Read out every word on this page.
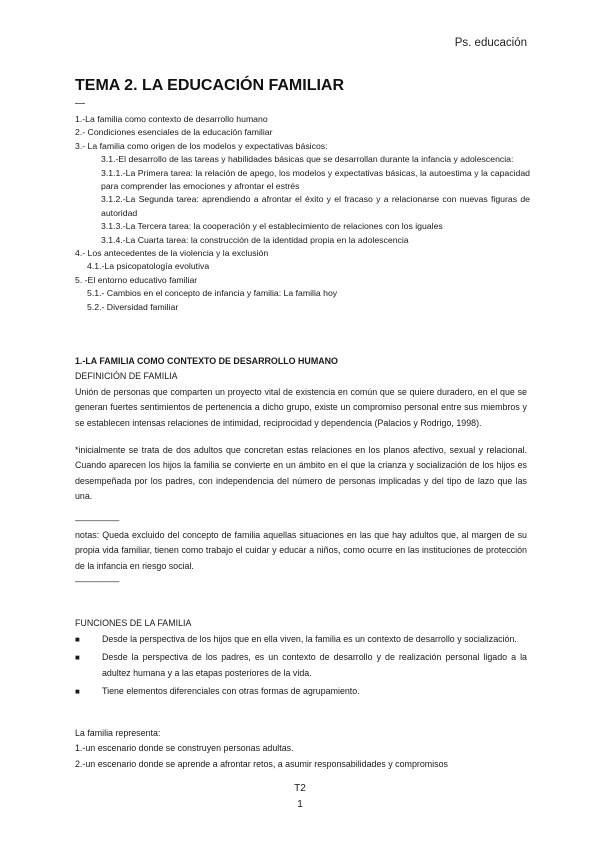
Ps. educación
TEMA 2. LA EDUCACIÓN FAMILIAR
—
1.-La familia como contexto de desarrollo humano
2.- Condiciones esenciales de la educación familiar
3.- La familia como origen de los modelos y expectativas básicos:
3.1.-El desarrollo de las tareas y habilidades básicas que se desarrollan durante la infancia y adolescencia:
3.1.1.-La Primera tarea: la relación de apego, los modelos y expectativas básicas, la autoestima y la capacidad para comprender las emociones y afrontar el estrés
3.1.2.-La Segunda tarea: aprendiendo a afrontar el éxito y el fracaso y a relacionarse con nuevas figuras de autoridad
3.1.3.-La Tercera tarea: la cooperación y el establecimiento de relaciones con los iguales
3.1.4.-La Cuarta tarea: la construcción de la identidad propia en la adolescencia
4.- Los antecedentes de la violencia y la exclusión
4.1.-La psicopatología evolutiva
5. -El entorno educativo familiar
5.1.- Cambios en el concepto de infancia y familia: La familia hoy
5.2.- Diversidad familiar

1.-LA FAMILIA COMO CONTEXTO DE DESARROLLO HUMANO

DEFINICIÓN DE FAMILIA

Unión de personas que comparten un proyecto vital de existencia en común que se quiere duradero, en el que se generan fuertes sentimientos de pertenencia a dicho grupo, existe un compromiso personal entre sus miembros y se establecen intensas relaciones de intimidad, reciprocidad y dependencia (Palacios y Rodrigo, 1998).

*inicialmente se trata de dos adultos que concretan estas relaciones en los planos afectivo, sexual y relacional. Cuando aparecen los hijos la familia se convierte en un ámbito en el que la crianza y socialización de los hijos es desempeñada por los padres, con independencia del número de personas implicadas y del tipo de lazo que las una.

—————

notas: Queda excluido del concepto de familia aquellas situaciones en las que hay adultos que, al margen de su propia vida familiar, tienen como trabajo el cuidar y educar a niños, como ocurre en las instituciones de protección de la infancia en riesgo social.

—————

FUNCIONES DE LA FAMILIA
■	Desde la perspectiva de los hijos que en ella viven, la familia es un contexto de desarrollo y socialización.
■	Desde la perspectiva de los padres, es un contexto de desarrollo y de realización personal ligado a la adultez humana y a las etapas posteriores de la vida.
■	Tiene elementos diferenciales con otras formas de agrupamiento.

La familia representa:

1.-un escenario donde se construyen personas adultas.

2.-un escenario donde se aprende a afrontar retos, a asumir responsabilidades y compromisos

T2
1
